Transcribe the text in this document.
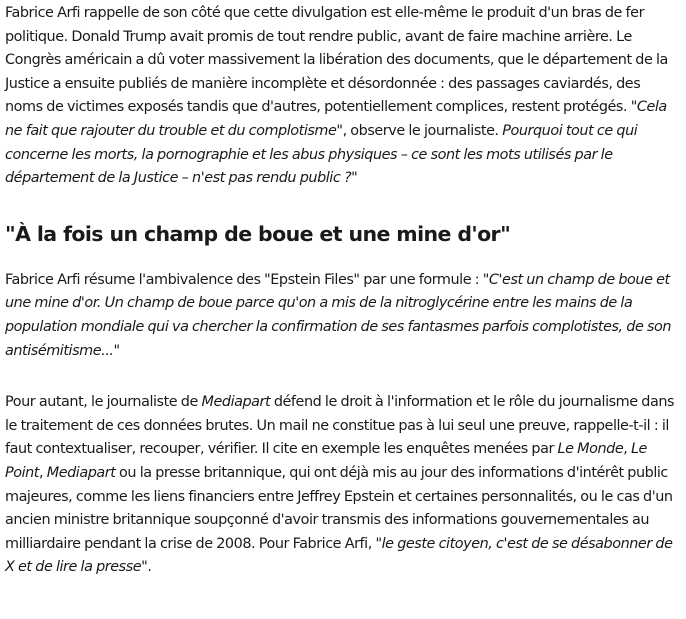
Fabrice Arfi rappelle de son côté que cette divulgation est elle-même le produit d'un bras de fer politique. Donald Trump avait promis de tout rendre public, avant de faire machine arrière. Le Congrès américain a dû voter massivement la libération des documents, que le département de la Justice a ensuite publiés de manière incomplète et désordonnée : des passages caviardés, des noms de victimes exposés tandis que d'autres, potentiellement complices, restent protégés. "Cela ne fait que rajouter du trouble et du complotisme", observe le journaliste. Pourquoi tout ce qui concerne les morts, la pornographie et les abus physiques – ce sont les mots utilisés par le département de la Justice – n'est pas rendu public ?"

"À la fois un champ de boue et une mine d'or"

Fabrice Arfi résume l'ambivalence des "Epstein Files" par une formule : "C'est un champ de boue et une mine d'or. Un champ de boue parce qu'on a mis de la nitroglycérine entre les mains de la population mondiale qui va chercher la confirmation de ses fantasmes parfois complotistes, de son antisémitisme..."

Pour autant, le journaliste de Mediapart défend le droit à l'information et le rôle du journalisme dans le traitement de ces données brutes. Un mail ne constitue pas à lui seul une preuve, rappelle-t-il : il faut contextualiser, recouper, vérifier. Il cite en exemple les enquêtes menées par Le Monde, Le Point, Mediapart ou la presse britannique, qui ont déjà mis au jour des informations d'intérêt public majeures, comme les liens financiers entre Jeffrey Epstein et certaines personnalités, ou le cas d'un ancien ministre britannique soupçonné d'avoir transmis des informations gouvernementales au milliardaire pendant la crise de 2008. Pour Fabrice Arfi, "le geste citoyen, c'est de se désabonner de X et de lire la presse".
